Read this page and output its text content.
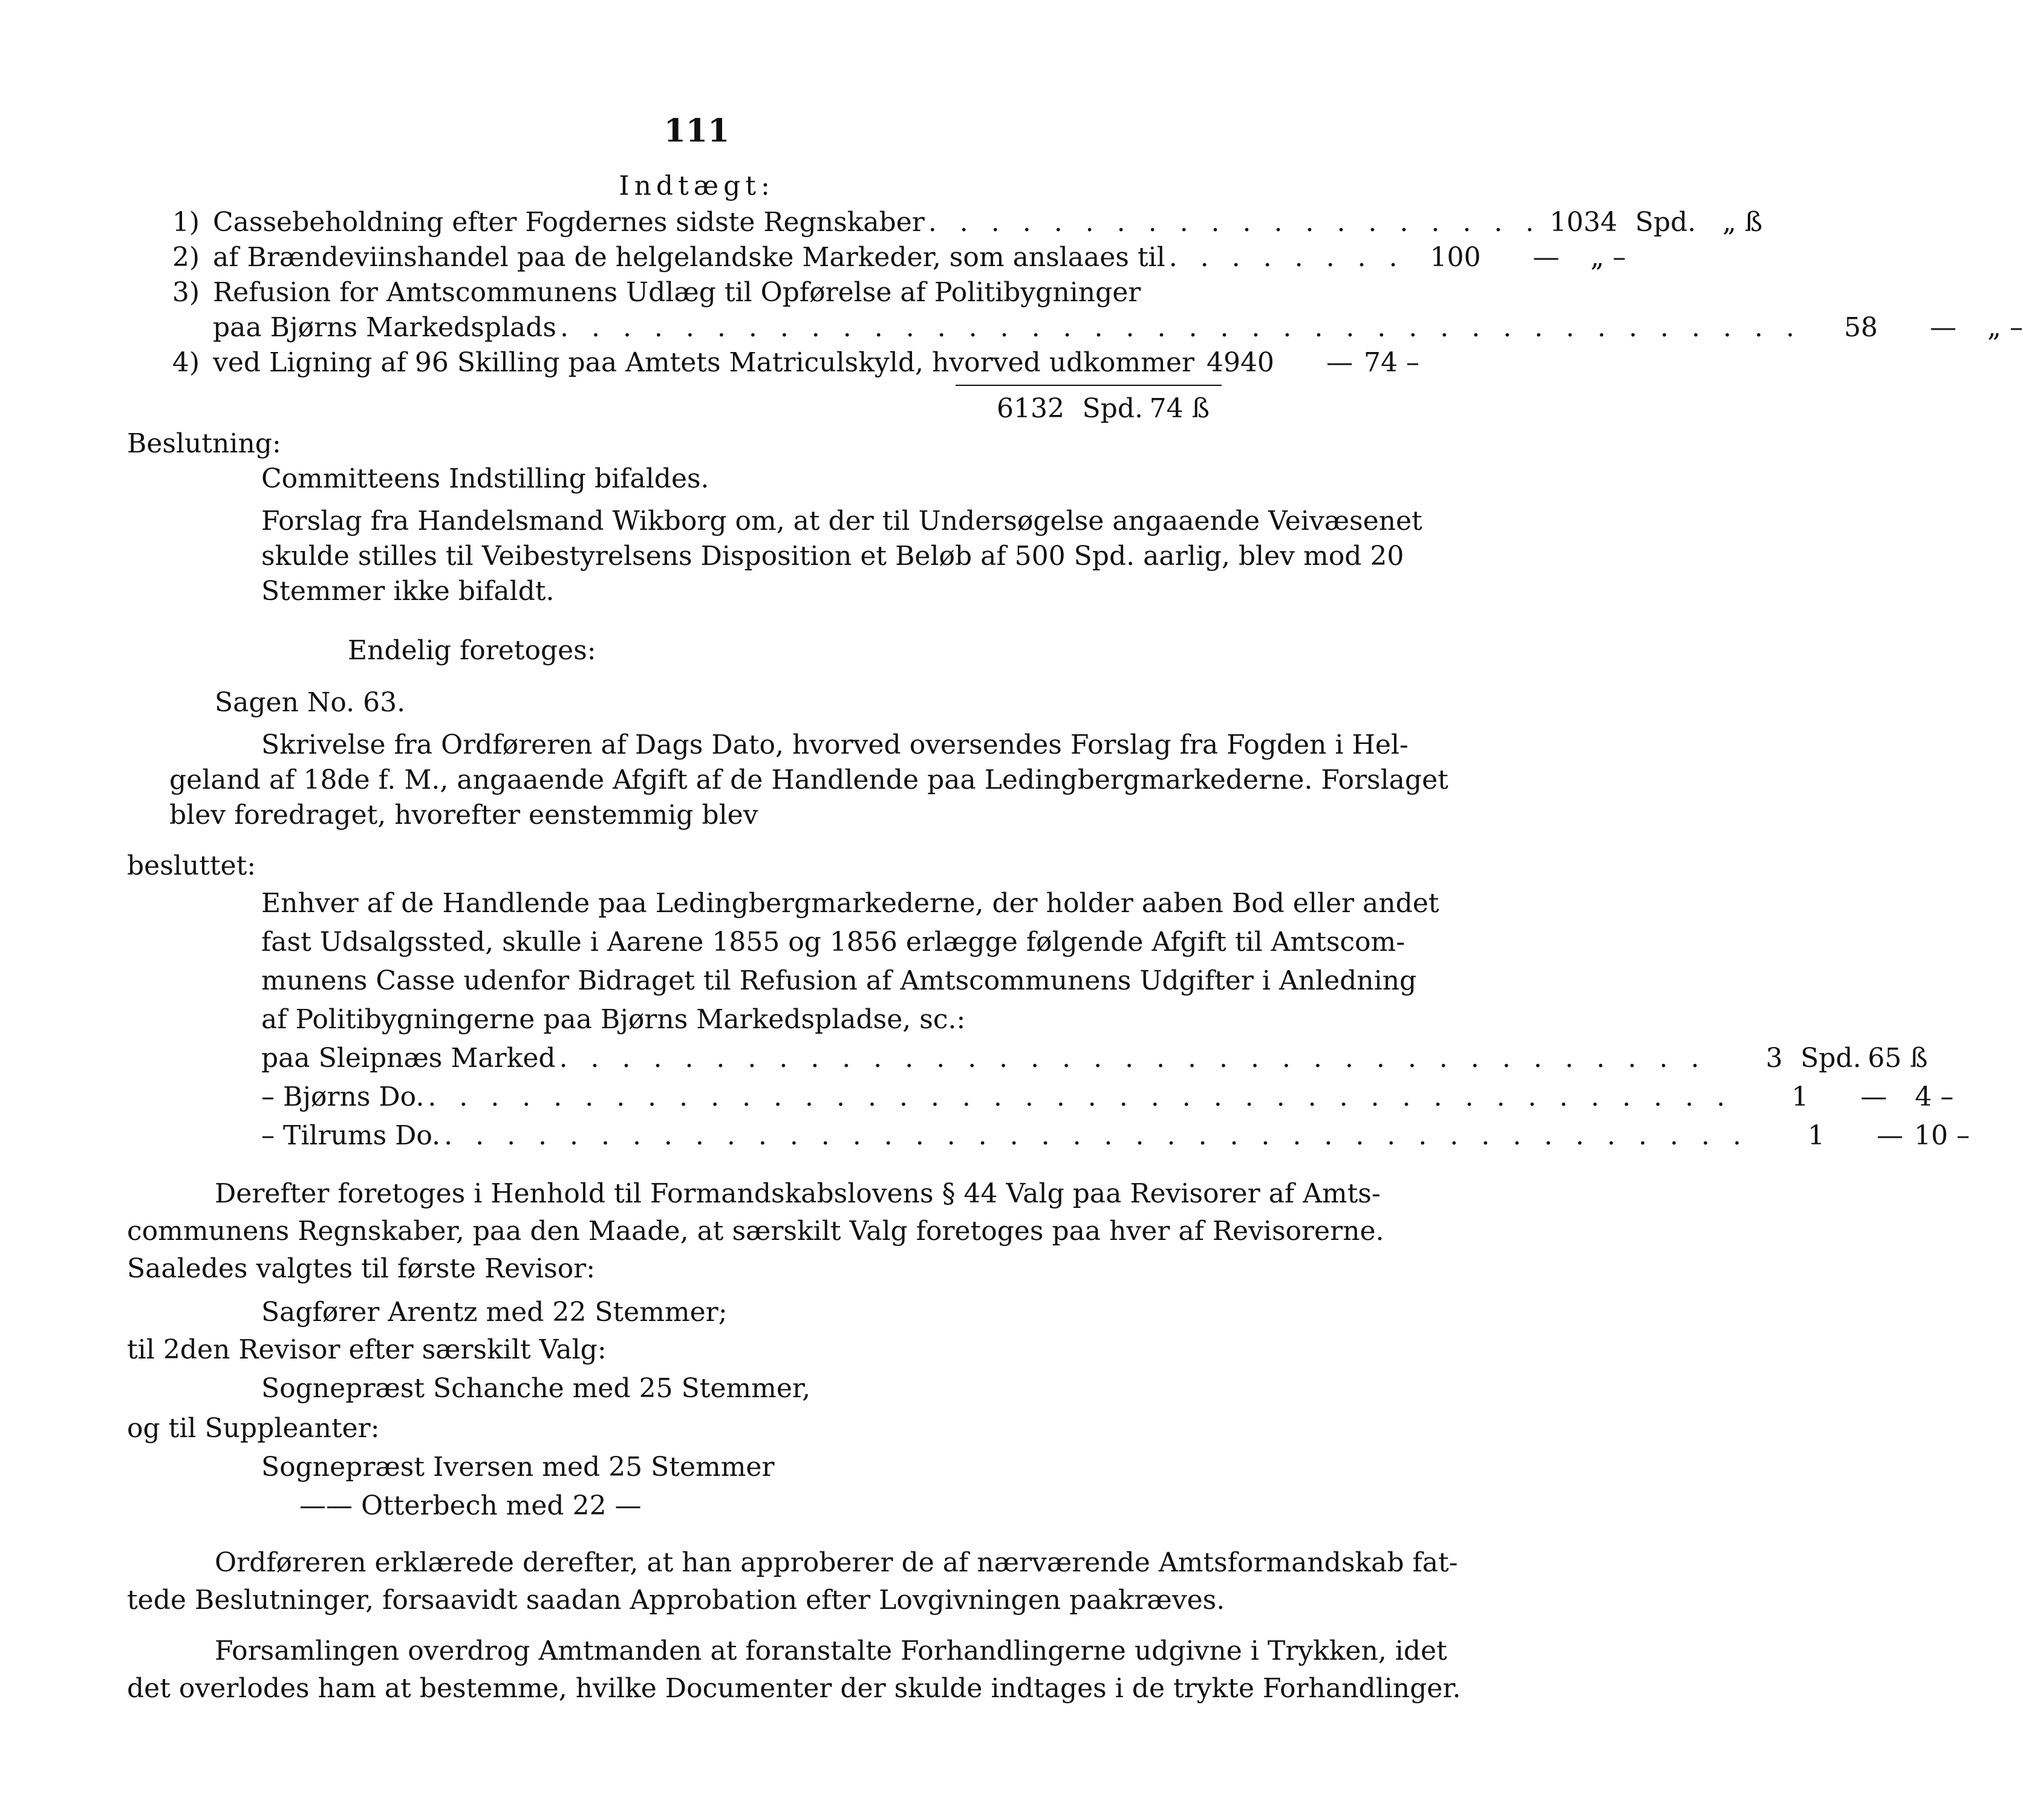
111
Indtægt:
1) Cassebeholdning efter Fogdernes sidste Regnskaber . . . . . . . . . . . . . . . . . . . . 1034 Spd. „ ß
2) af Brændeviinshandel paa de helgelandske Markeder, som anslaaes til . . . . . . . . 100	—	„ –
3) Refusion for Amtscommunens Udlæg til Opførelse af Politibygninger
paa Bjørns Markedsplads . . . . . . . . . . . . . . . . . . . . . . . . . . . . . . . . . . . . . . . .	58	—	„ –
4) ved Ligning af 96 Skilling paa Amtets Matriculskyld, hvorved udkommer 4940	— 74 –
6132 Spd. 74 ß
Beslutning:
Committeens Indstilling bifaldes.
Forslag fra Handelsmand Wikborg om, at der til Undersøgelse angaaende Veivæsenet
skulde stilles til Veibestyrelsens Disposition et Beløb af 500 Spd. aarlig, blev mod 20
Stemmer ikke bifaldt.
Endelig foretoges:
Sagen No. 63.
Skrivelse fra Ordføreren af Dags Dato, hvorved oversendes Forslag fra Fogden i Hel-
geland af 18de f. M., angaaende Afgift af de Handlende paa Ledingbergmarkederne. Forslaget
blev foredraget, hvorefter eenstemmig blev
besluttet:
Enhver af de Handlende paa Ledingbergmarkederne, der holder aaben Bod eller andet
fast Udsalgssted, skulle i Aarene 1855 og 1856 erlægge følgende Afgift til Amtscom-
munens Casse udenfor Bidraget til Refusion af Amtscommunens Udgifter i Anledning
af Politibygningerne paa Bjørns Markedspladse, sc.:
paa Sleipnæs Marked . . . . . . . . . . . . . . . . . . . . . . . . . . . . . . . . . . . . .	3 Spd. 65 ß
– Bjørns Do. . . . . . . . . . . . . . . . . . . . . . . . . . . . . . . . . . . . . . . . . . .	1	—	4 –
– Tilrums Do. . . . . . . . . . . . . . . . . . . . . . . . . . . . . . . . . . . . . . . . . . .	1	— 10 –
Derefter foretoges i Henhold til Formandskabslovens § 44 Valg paa Revisorer af Amts-
communens Regnskaber, paa den Maade, at særskilt Valg foretoges paa hver af Revisorerne.
Saaledes valgtes til første Revisor:
Sagfører Arentz med 22 Stemmer;
til 2den Revisor efter særskilt Valg:
Sognepræst Schanche med 25 Stemmer,
og til Suppleanter:
Sognepræst Iversen med 25 Stemmer
—— Otterbech med 22 —
Ordføreren erklærede derefter, at han approberer de af nærværende Amtsformandskab fat-
tede Beslutninger, forsaavidt saadan Approbation efter Lovgivningen paakræves.
Forsamlingen overdrog Amtmanden at foranstalte Forhandlingerne udgivne i Trykken, idet
det overlodes ham at bestemme, hvilke Documenter der skulde indtages i de trykte Forhandlinger.
